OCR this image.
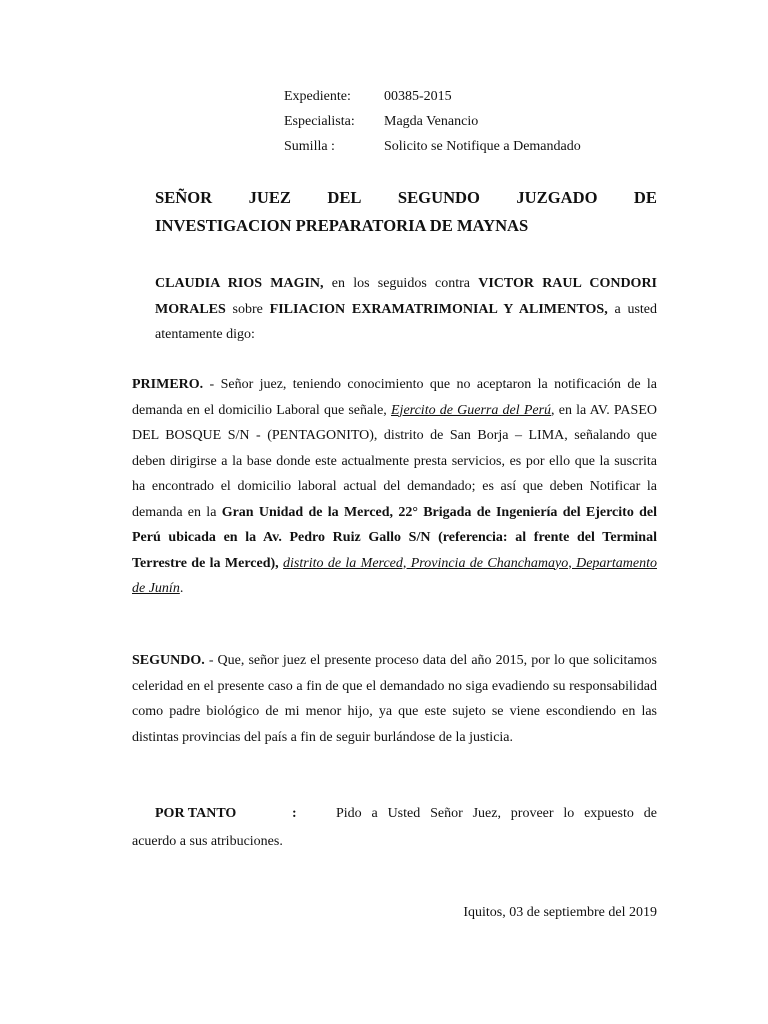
Expediente:	00385-2015
Especialista:	Magda Venancio
Sumilla :	Solicito se Notifique a Demandado
SEÑOR JUEZ DEL SEGUNDO JUZGADO DE
INVESTIGACION PREPARATORIA DE MAYNAS
CLAUDIA RIOS MAGIN, en los seguidos contra VICTOR RAUL CONDORI MORALES sobre FILIACION EXRAMATRIMONIAL Y ALIMENTOS, a usted atentamente digo:
PRIMERO. - Señor juez, teniendo conocimiento que no aceptaron la notificación de la demanda en el domicilio Laboral que señale, Ejercito de Guerra del Perú, en la AV. PASEO DEL BOSQUE S/N - (PENTAGONITO), distrito de San Borja – LIMA, señalando que deben dirigirse a la base donde este actualmente presta servicios, es por ello que la suscrita ha encontrado el domicilio laboral actual del demandado; es así que deben Notificar la demanda en la Gran Unidad de la Merced, 22° Brigada de Ingeniería del Ejercito del Perú ubicada en la Av. Pedro Ruiz Gallo S/N (referencia: al frente del Terminal Terrestre de la Merced), distrito de la Merced, Provincia de Chanchamayo, Departamento de Junín.
SEGUNDO. - Que, señor juez el presente proceso data del año 2015, por lo que solicitamos celeridad en el presente caso a fin de que el demandado no siga evadiendo su responsabilidad como padre biológico de mi menor hijo, ya que este sujeto se viene escondiendo en las distintas provincias del país a fin de seguir burlándose de la justicia.
POR TANTO	:	Pido a Usted Señor Juez, proveer lo expuesto de
acuerdo a sus atribuciones.
Iquitos, 03 de septiembre del 2019
